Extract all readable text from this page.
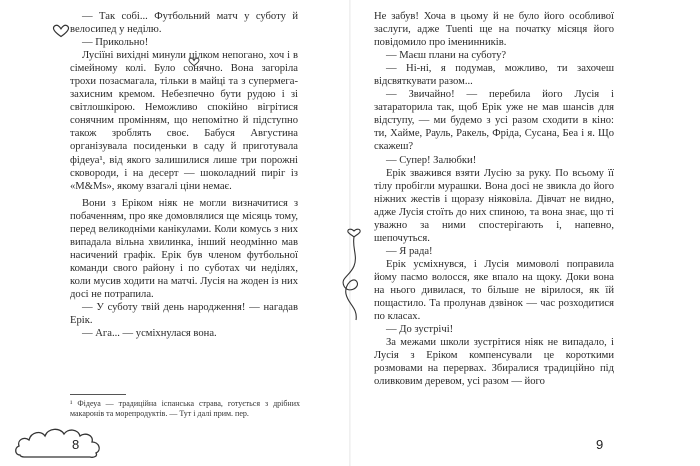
— Так собі... Футбольний матч у суботу й велосипед у неділю.

— Прикольно!

Лусіїні вихідні минули цілком непогано, хоч і в сімейному колі. Було сонячно. Вона загоріла трохи позасмагала, тільки в майці та з супермега-захисним кремом. Небезпечно бути рудою і зі світлошкірою. Неможливо спокійно вігрітися сонячним промінням, що непомітно й підступно також зроблять своє. Бабуся Августина організувала посиденьки в саду й приготувала фідеуа¹, від якого залишилися лише три порожні сковороди, і на десерт — шоколадний пиріг із «M&Ms», якому взагалі ціни немає.

Вони з Еріком ніяк не могли визначитися з побаченням, про яке домовлялися ще місяць тому, перед великодніми канікулами. Коли комусь з них випадала вільна хвилинка, інший неодмінно мав насичений графік. Ерік був членом футбольної команди свого району і по суботах чи неділях, коли мусив ходити на матчі. Лусія на жоден із них досі не потрапила.

— У суботу твій день народження! — нагадав Ерік.

— Ага... — усміхнулася вона.

¹ Фідеуа — традиційна іспанська страва, готується з дрібних макаронів та морепродуктів. — Тут і далі прим. пер.

8

Не забув! Хоча в цьому й не було його особливої заслуги, адже Tuenti ще на початку місяця його повідомило про іменинників.

— Маєш плани на суботу?

— Ні-ні, я подумав, можливо, ти захочеш відсвяткувати разом...

— Звичайно! — перебила його Лусія і затараторила так, щоб Ерік уже не мав шансів для відступу, — ми будемо з усі разом сходити в кіно: ти, Хайме, Рауль, Ракель, Фріда, Сусана, Беа і я. Що скажеш?

— Супер! Залюбки!

Ерік зважився взяти Лусію за руку. По всьому її тілу пробігли мурашки. Вона досі не звикла до його ніжних жестів і щоразу ніяковіла. Дівчат не видно, адже Лусія стоїть до них спиною, та вона знає, що ті уважно за ними спостерігають і, напевно, шепочуться.

— Я рада!

Ерік усміхнувся, і Лусія мимоволі поправила йому пасмо волосся, яке впало на щоку. Доки вона на нього дивилася, то більше не вірилося, як їй пощастило. Та пролунав дзвінок — час розходитися по класах.

— До зустрічі!

За межами школи зустрітися ніяк не випадало, і Лусія з Еріком компенсували це короткими розмовами на перервах. Збиралися традиційно під оливковим деревом, усі разом — його

9
